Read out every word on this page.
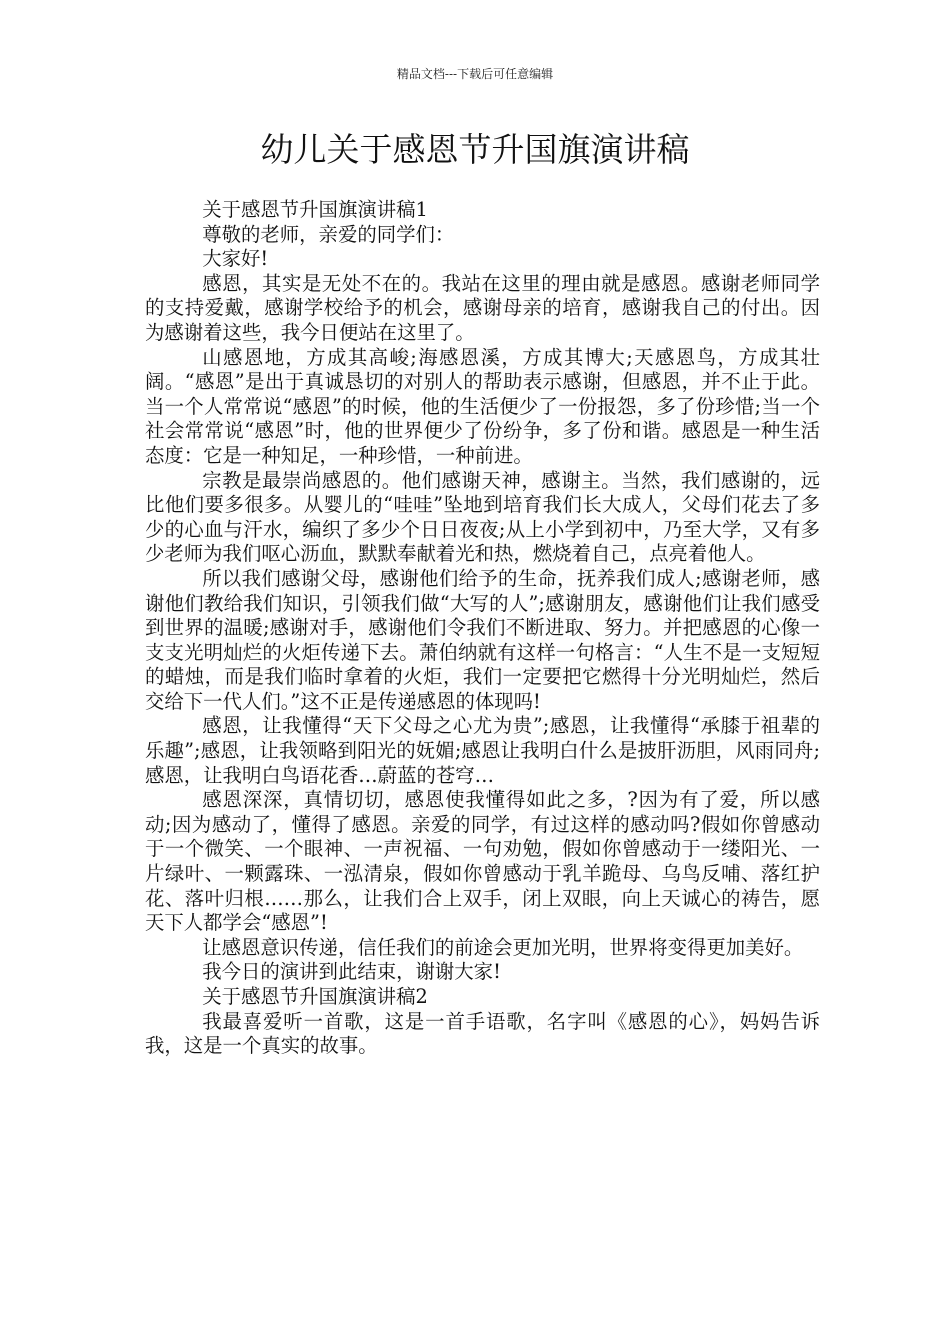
精品文档---下载后可任意编辑
幼儿关于感恩节升国旗演讲稿

关于感恩节升国旗演讲稿1

尊敬的老师，亲爱的同学们：

大家好!

感恩，其实是无处不在的。我站在这里的理由就是感恩。感谢老师同学的支持爱戴，感谢学校给予的机会，感谢母亲的培育，感谢我自己的付出。因为感谢着这些，我今日便站在这里了。

山感恩地，方成其高峻;海感恩溪，方成其博大;天感恩鸟，方成其壮阔。“感恩”是出于真诚恳切的对别人的帮助表示感谢，但感恩，并不止于此。当一个人常常说“感恩”的时候，他的生活便少了一份报怨，多了份珍惜;当一个社会常常说“感恩”时，他的世界便少了份纷争，多了份和谐。感恩是一种生活态度：它是一种知足，一种珍惜，一种前进。

宗教是最崇尚感恩的。他们感谢天神，感谢主。当然，我们感谢的，远比他们要多很多。从婴儿的“哇哇”坠地到培育我们长大成人，父母们花去了多少的心血与汗水，编织了多少个日日夜夜;从上小学到初中，乃至大学，又有多少老师为我们呕心沥血，默默奉献着光和热，燃烧着自己，点亮着他人。

所以我们感谢父母，感谢他们给予的生命，抚养我们成人;感谢老师，感谢他们教给我们知识，引领我们做“大写的人”;感谢朋友，感谢他们让我们感受到世界的温暖;感谢对手，感谢他们令我们不断进取、努力。并把感恩的心像一支支光明灿烂的火炬传递下去。萧伯纳就有这样一句格言：“人生不是一支短短的蜡烛，而是我们临时拿着的火炬，我们一定要把它燃得十分光明灿烂，然后交给下一代人们。”这不正是传递感恩的体现吗!

感恩，让我懂得“天下父母之心尤为贵”;感恩，让我懂得“承膝于祖辈的乐趣”;感恩，让我领略到阳光的妩媚;感恩让我明白什么是披肝沥胆，风雨同舟;感恩，让我明白鸟语花香…蔚蓝的苍穹…

感恩深深，真情切切，感恩使我懂得如此之多，?因为有了爱，所以感动;因为感动了，懂得了感恩。亲爱的同学，有过这样的感动吗?假如你曾感动于一个微笑、一个眼神、一声祝福、一句劝勉，假如你曾感动于一缕阳光、一片绿叶、一颗露珠、一泓清泉，假如你曾感动于乳羊跪母、乌鸟反哺、落红护花、落叶归根……那么，让我们合上双手，闭上双眼，向上天诚心的祷告，愿天下人都学会“感恩”!

让感恩意识传递，信任我们的前途会更加光明，世界将变得更加美好。

我今日的演讲到此结束，谢谢大家!

关于感恩节升国旗演讲稿2

我最喜爱听一首歌，这是一首手语歌，名字叫《感恩的心》，妈妈告诉我，这是一个真实的故事。
